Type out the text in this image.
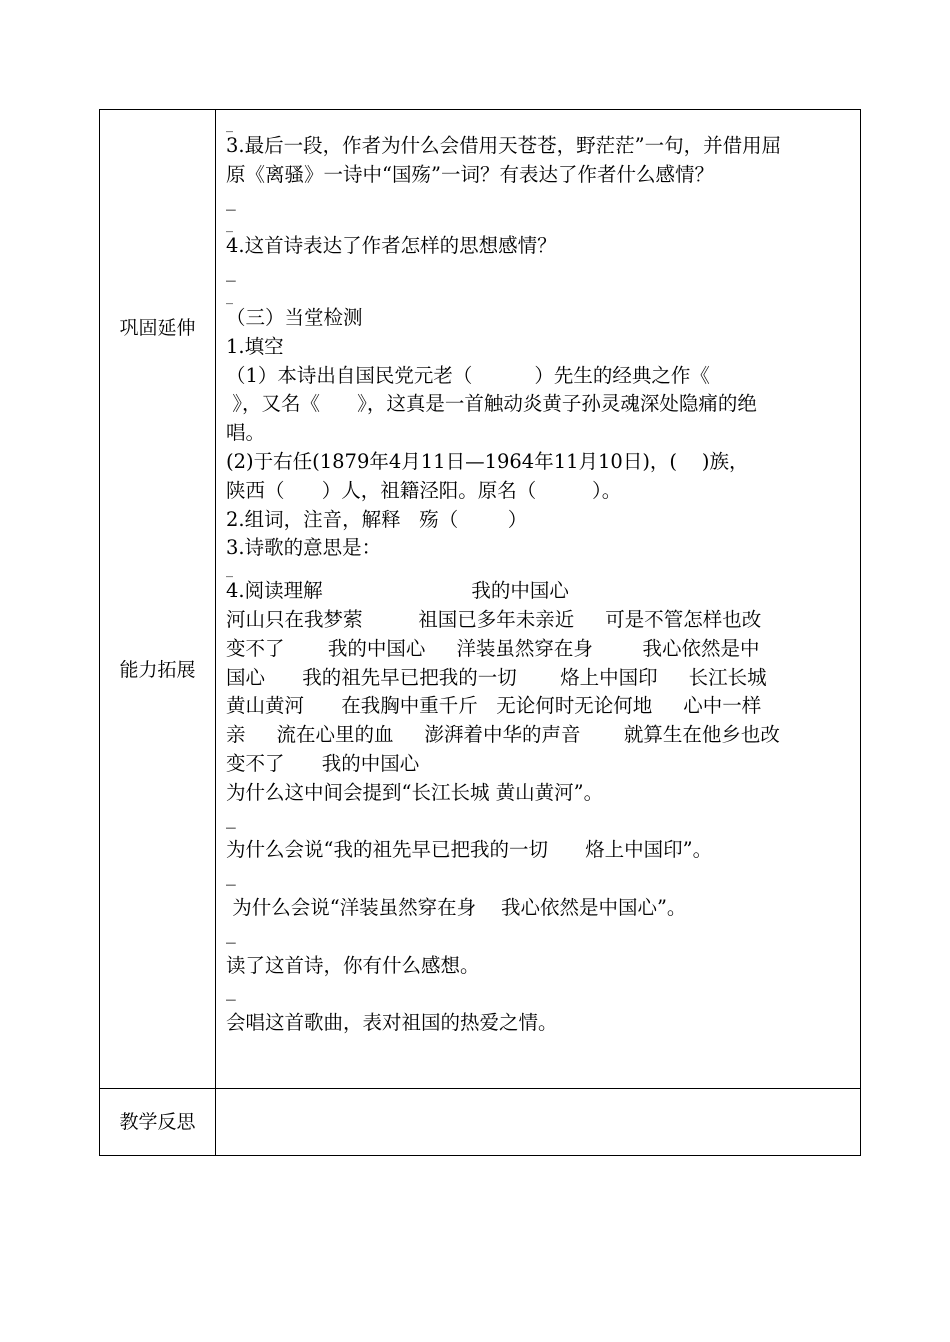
巩固延伸
能力拓展
教学反思
_
3.最后一段，作者为什么会借用天苍苍，野茫茫”一句，并借用屈
原《离骚》一诗中“国殇”一词？有表达了作者什么感情？
_
_
4.这首诗表达了作者怎样的思想感情？
_
_
（三）当堂检测
1.填空
（1）本诗出自国民党元老（          ）先生的经典之作《
》，又名《      》，这真是一首触动炎黄子孙灵魂深处隐痛的绝
唱。
(2)于右任(1879年4月11日—1964年11月10日)，(    )族，
陕西（      ）人，祖籍泾阳。原名（         ）。
2.组词，注音，解释   殇（        ）
3.诗歌的意思是：
_
4.阅读理解                        我的中国心
河山只在我梦萦         祖国已多年未亲近     可是不管怎样也改
变不了       我的中国心     洋装虽然穿在身        我心依然是中
国心      我的祖先早已把我的一切       烙上中国印     长江长城
黄山黄河      在我胸中重千斤   无论何时无论何地     心中一样
亲     流在心里的血     澎湃着中华的声音       就算生在他乡也改
变不了      我的中国心
为什么这中间会提到“长江长城 黄山黄河”。
_
为什么会说“我的祖先早已把我的一切      烙上中国印”。
_
为什么会说“洋装虽然穿在身    我心依然是中国心”。
_
读了这首诗，你有什么感想。
_
会唱这首歌曲，表对祖国的热爱之情。
